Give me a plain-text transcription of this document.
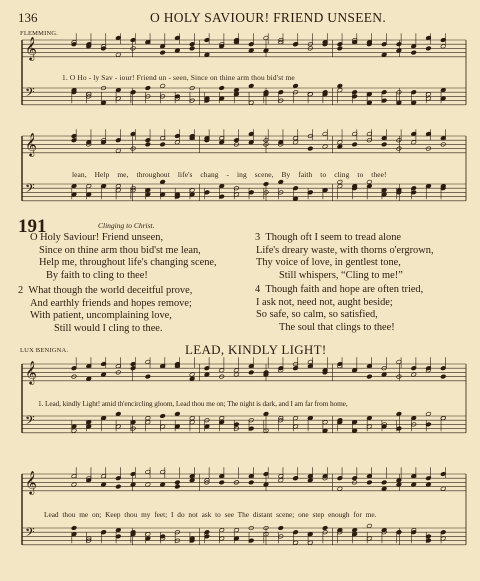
𝄞
𝄢
𝄞
𝄢
𝄞
𝄢
𝄞
𝄢
136	O HOLY SAVIOUR! FRIEND UNSEEN.
FLEMMING.
1. O Ho - ly Sav - iour! Friend un - seen, Since on thine arm thou bid'st me
lean, Help me, throughout life's chang - ing scene, By faith to cling to thee!
191	Clinging to Christ.
O Holy Saviour! Friend unseen,
Since on thine arm thou bid'st me lean,
Help me, throughout life's changing scene,
By faith to cling to thee!
2 What though the world deceitful prove,
And earthly friends and hopes remove;
With patient, uncomplaining love,
Still would I cling to thee.
3 Though oft I seem to tread alone
Life's dreary waste, with thorns o'ergrown,
Thy voice of love, in gentlest tone,
Still whispers, “Cling to me!”
4 Though faith and hope are often tried,
I ask not, need not, aught beside;
So safe, so calm, so satisfied,
The soul that clings to thee!
LEAD, KINDLY LIGHT!
LUX BENIGNA.
1. Lead, kindly Light! amid th'encircling gloom, Lead thou me on; The night is dark, and I am far from home,
Lead thou me on; Keep thou my feet; I do not ask to see The distant scene; one step enough for me.
